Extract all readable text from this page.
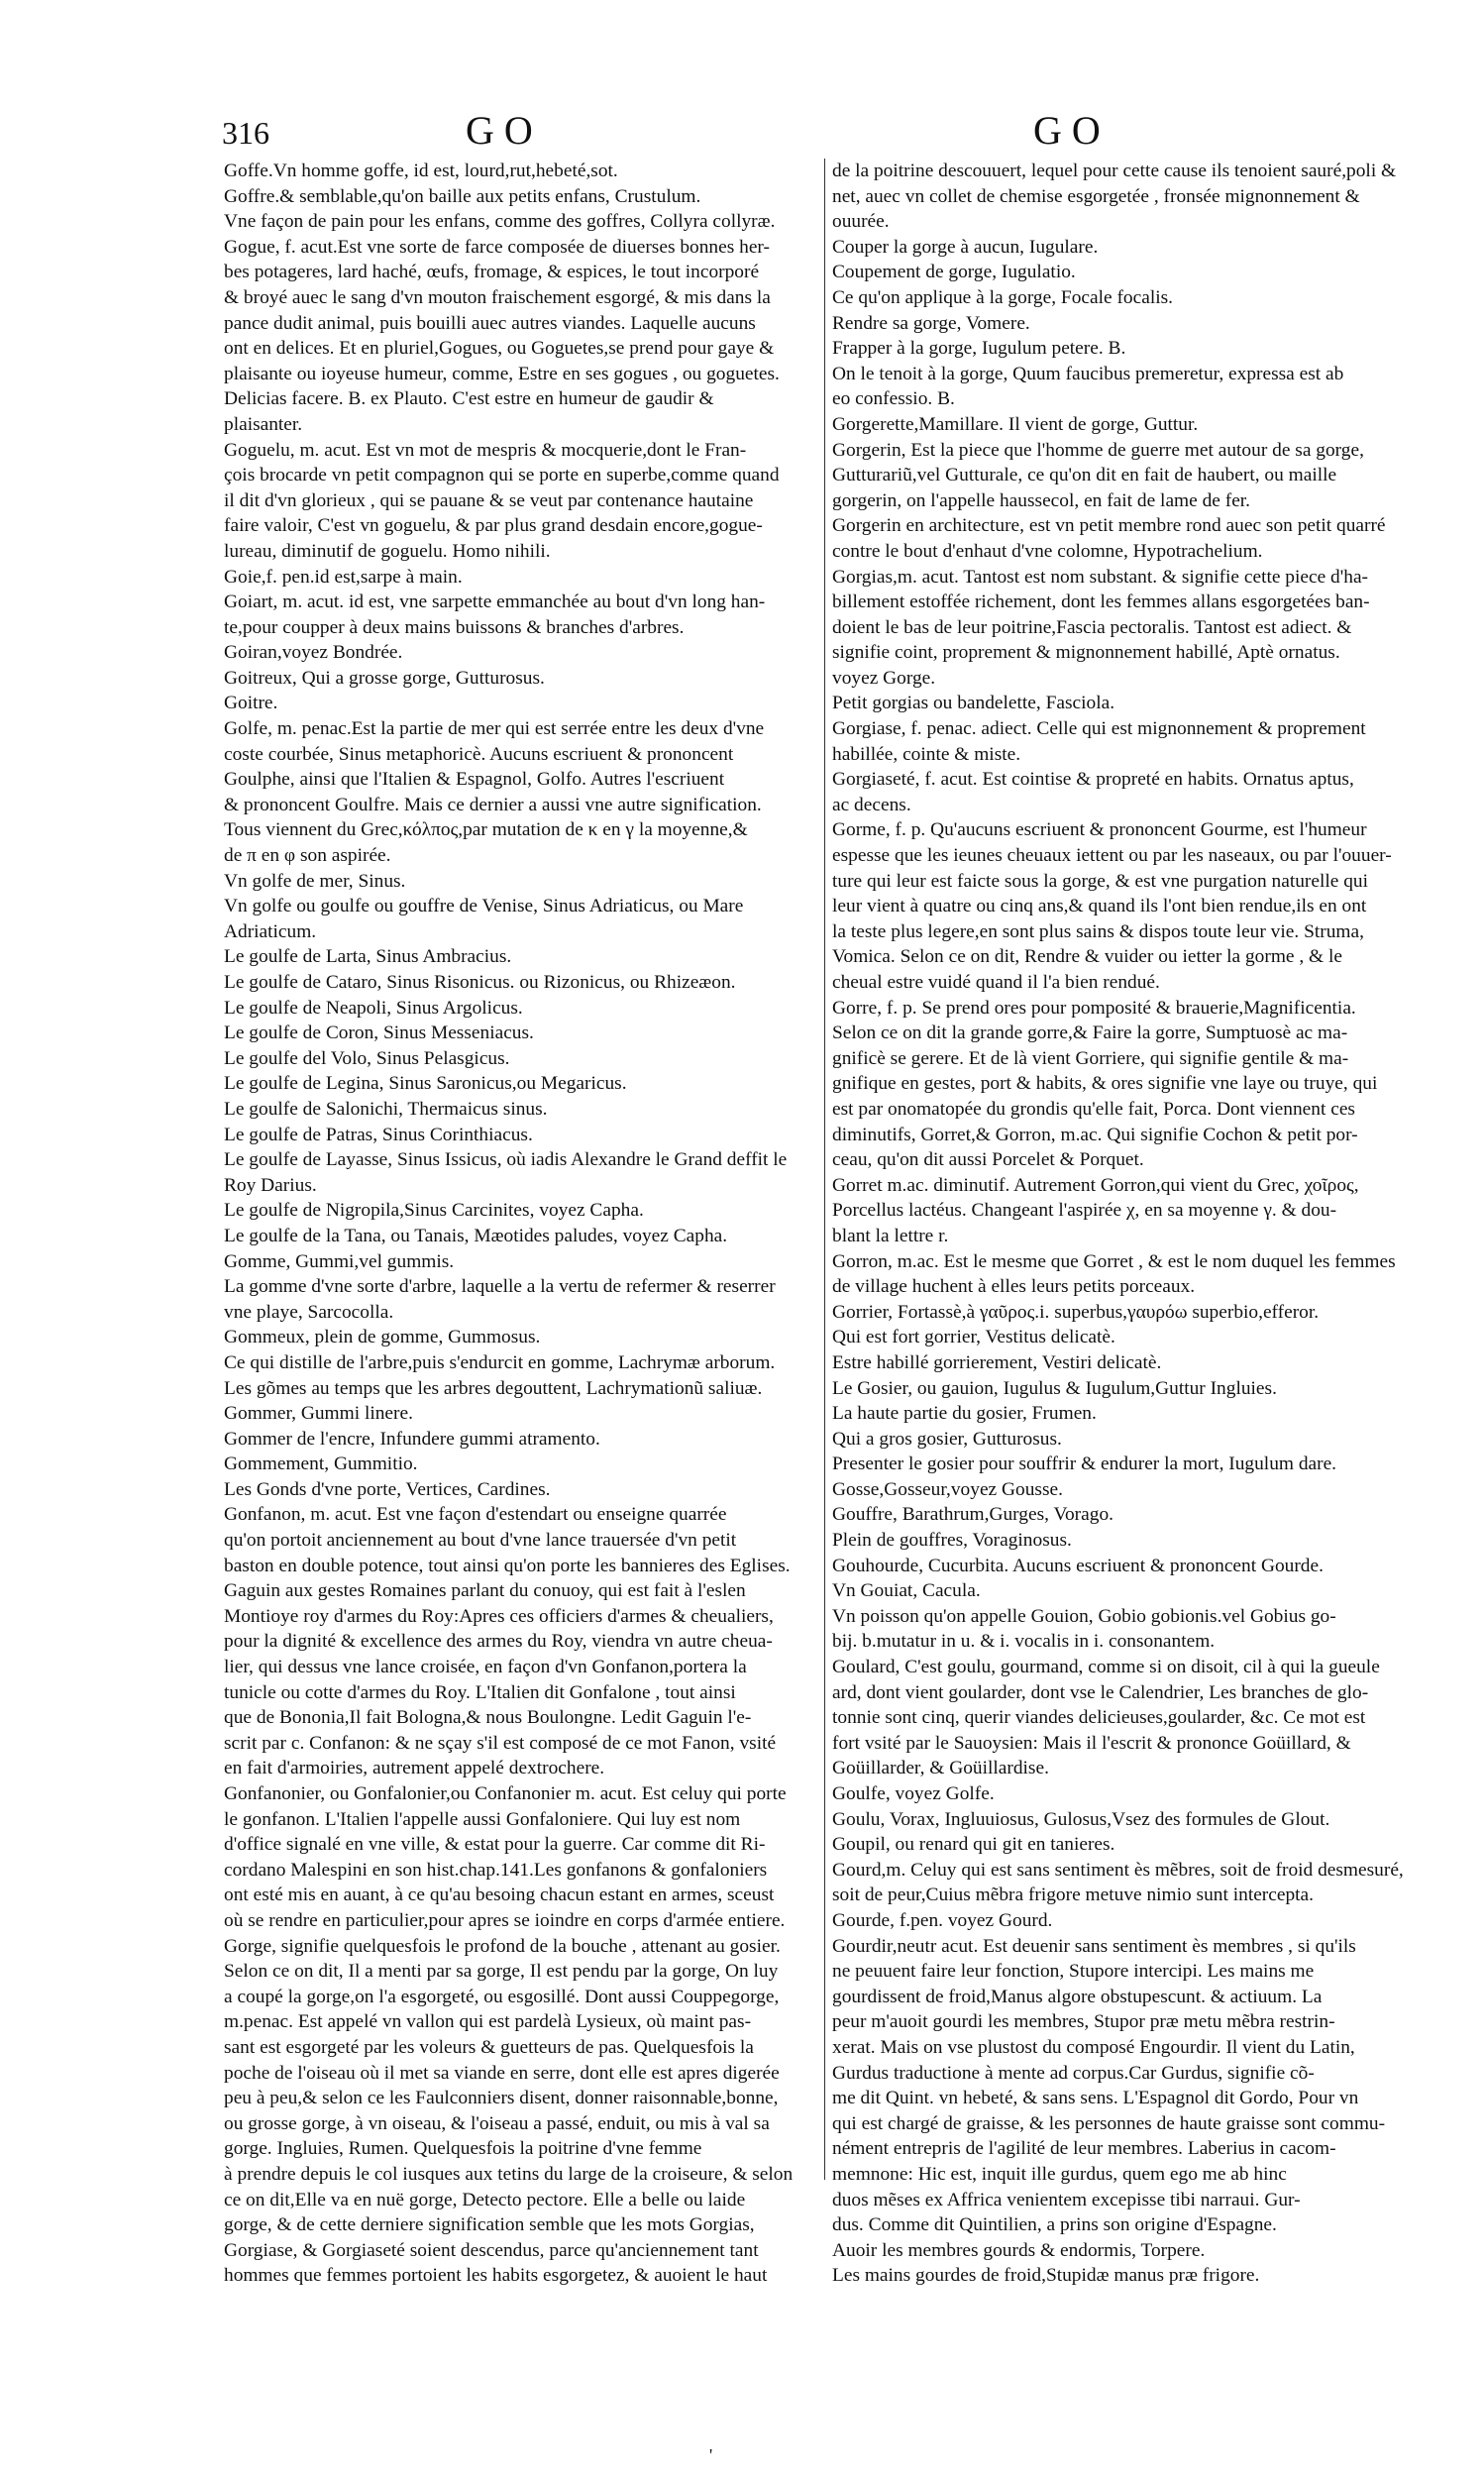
316	GO	GO
Goffe.Vn homme goffe, id est, lourd,rut,hebeté,sot.
Goffre.& semblable,qu'on baille aux petits enfans, Crustulum.
Vne façon de pain pour les enfans, comme des goffres, Collyra collyræ.
Gogue, f. acut.Est vne sorte de farce composée de diuerses bonnes her-
bes potageres, lard haché, œufs, fromage, & espices, le tout incorporé
& broyé auec le sang d'vn mouton fraischement esgorgé, & mis dans la
pance dudit animal, puis bouilli auec autres viandes. Laquelle aucuns
ont en delices. Et en pluriel,Gogues, ou Goguetes,se prend pour gaye &
plaisante ou ioyeuse humeur, comme, Estre en ses gogues , ou goguetes.
Delicias facere. B. ex Plauto. C'est estre en humeur de gaudir &
plaisanter.
Goguelu, m. acut. Est vn mot de mespris & mocquerie,dont le Fran-
çois brocarde vn petit compagnon qui se porte en superbe,comme quand
il dit d'vn glorieux , qui se pauane & se veut par contenance hautaine
faire valoir, C'est vn goguelu, & par plus grand desdain encore,gogue-
lureau, diminutif de goguelu. Homo nihili.
Goie,f. pen.id est,sarpe à main.
Goiart, m. acut. id est, vne sarpette emmanchée au bout d'vn long han-
te,pour coupper à deux mains buissons & branches d'arbres.
Goiran,voyez Bondrée.
Goitreux, Qui a grosse gorge, Gutturosus.
Goitre.
Golfe, m. penac.Est la partie de mer qui est serrée entre les deux d'vne
coste courbée, Sinus metaphoricè. Aucuns escriuent & prononcent
Goulphe, ainsi que l'Italien & Espagnol, Golfo. Autres l'escriuent
& prononcent Goulfre. Mais ce dernier a aussi vne autre signification.
Tous viennent du Grec,κόλπος,par mutation de κ en γ la moyenne,&
de π en φ son aspirée.
Vn golfe de mer, Sinus.
Vn golfe ou goulfe ou gouffre de Venise, Sinus Adriaticus, ou Mare
Adriaticum.
Le goulfe de Larta, Sinus Ambracius.
Le goulfe de Cataro, Sinus Risonicus. ou Rizonicus, ou Rhizeæon.
Le goulfe de Neapoli, Sinus Argolicus.
Le goulfe de Coron, Sinus Messeniacus.
Le goulfe del Volo, Sinus Pelasgicus.
Le goulfe de Legina, Sinus Saronicus,ou Megaricus.
Le goulfe de Salonichi, Thermaicus sinus.
Le goulfe de Patras, Sinus Corinthiacus.
Le goulfe de Layasse, Sinus Issicus, où iadis Alexandre le Grand deffit le
Roy Darius.
Le goulfe de Nigropila,Sinus Carcinites, voyez Capha.
Le goulfe de la Tana, ou Tanais, Mæotides paludes, voyez Capha.
Gomme, Gummi,vel gummis.
La gomme d'vne sorte d'arbre, laquelle a la vertu de refermer & reserrer
vne playe, Sarcocolla.
Gommeux, plein de gomme, Gummosus.
Ce qui distille de l'arbre,puis s'endurcit en gomme, Lachrymæ arborum.
Les gõmes au temps que les arbres degouttent, Lachrymationũ saliuæ.
Gommer, Gummi linere.
Gommer de l'encre, Infundere gummi atramento.
Gommement, Gummitio.
Les Gonds d'vne porte, Vertices, Cardines.
Gonfanon, m. acut. Est vne façon d'estendart ou enseigne quarrée
qu'on portoit anciennement au bout d'vne lance trauersée d'vn petit
baston en double potence, tout ainsi qu'on porte les bannieres des Eglises.
Gaguin aux gestes Romaines parlant du conuoy, qui est fait à l'eslen
Montioye roy d'armes du Roy:Apres ces officiers d'armes & cheualiers,
pour la dignité & excellence des armes du Roy, viendra vn autre cheua-
lier, qui dessus vne lance croisée, en façon d'vn Gonfanon,portera la
tunicle ou cotte d'armes du Roy. L'Italien dit Gonfalone , tout ainsi
que de Bononia,Il fait Bologna,& nous Boulongne. Ledit Gaguin l'e-
scrit par c. Confanon: & ne sçay s'il est composé de ce mot Fanon, vsité
en fait d'armoiries, autrement appelé dextrochere.
Gonfanonier, ou Gonfalonier,ou Confanonier m. acut. Est celuy qui porte
le gonfanon. L'Italien l'appelle aussi Gonfaloniere. Qui luy est nom
d'office signalé en vne ville, & estat pour la guerre. Car comme dit Ri-
cordano Malespini en son hist.chap.141.Les gonfanons & gonfaloniers
ont esté mis en auant, à ce qu'au besoing chacun estant en armes, sceust
où se rendre en particulier,pour apres se ioindre en corps d'armée entiere.
Gorge, signifie quelquesfois le profond de la bouche , attenant au gosier.
Selon ce on dit, Il a menti par sa gorge, Il est pendu par la gorge, On luy
a coupé la gorge,on l'a esgorgeté, ou esgosillé. Dont aussi Couppegorge,
m.penac. Est appelé vn vallon qui est pardelà Lysieux, où maint pas-
sant est esgorgeté par les voleurs & guetteurs de pas. Quelquesfois la
poche de l'oiseau où il met sa viande en serre, dont elle est apres digerée
peu à peu,& selon ce les Faulconniers disent, donner raisonnable,bonne,
ou grosse gorge, à vn oiseau, & l'oiseau a passé, enduit, ou mis à val sa
gorge. Ingluies, Rumen. Quelquesfois la poitrine d'vne femme
à prendre depuis le col iusques aux tetins du large de la croiseure, & selon
ce on dit,Elle va en nuë gorge, Detecto pectore. Elle a belle ou laide
gorge, & de cette derniere signification semble que les mots Gorgias,
Gorgiase, & Gorgiaseté soient descendus, parce qu'anciennement tant
hommes que femmes portoient les habits esgorgetez, & auoient le haut
de la poitrine descouuert, lequel pour cette cause ils tenoient sauré,poli &
net, auec vn collet de chemise esgorgetée , fronsée mignonnement &
ouurée.
Couper la gorge à aucun, Iugulare.
Coupement de gorge, Iugulatio.
Ce qu'on applique à la gorge, Focale focalis.
Rendre sa gorge, Vomere.
Frapper à la gorge, Iugulum petere. B.
On le tenoit à la gorge, Quum faucibus premeretur, expressa est ab
eo confessio. B.
Gorgerette,Mamillare. Il vient de gorge, Guttur.
Gorgerin, Est la piece que l'homme de guerre met autour de sa gorge,
Gutturariũ,vel Gutturale, ce qu'on dit en fait de haubert, ou maille
gorgerin, on l'appelle haussecol, en fait de lame de fer.
Gorgerin en architecture, est vn petit membre rond auec son petit quarré
contre le bout d'enhaut d'vne colomne, Hypotrachelium.
Gorgias,m. acut. Tantost est nom substant. & signifie cette piece d'ha-
billement estoffée richement, dont les femmes allans esgorgetées ban-
doient le bas de leur poitrine,Fascia pectoralis. Tantost est adiect. &
signifie coint, proprement & mignonnement habillé, Aptè ornatus.
voyez Gorge.
Petit gorgias ou bandelette, Fasciola.
Gorgiase, f. penac. adiect. Celle qui est mignonnement & proprement
habillée, cointe & miste.
Gorgiaseté, f. acut. Est cointise & propreté en habits. Ornatus aptus,
ac decens.
Gorme, f. p. Qu'aucuns escriuent & prononcent Gourme, est l'humeur
espesse que les ieunes cheuaux iettent ou par les naseaux, ou par l'ouuer-
ture qui leur est faicte sous la gorge, & est vne purgation naturelle qui
leur vient à quatre ou cinq ans,& quand ils l'ont bien rendue,ils en ont
la teste plus legere,en sont plus sains & dispos toute leur vie. Struma,
Vomica. Selon ce on dit, Rendre & vuider ou ietter la gorme , & le
cheual estre vuidé quand il l'a bien rendué.
Gorre, f. p. Se prend ores pour pomposité & brauerie,Magnificentia.
Selon ce on dit la grande gorre,& Faire la gorre, Sumptuosè ac ma-
gnificè se gerere. Et de là vient Gorriere, qui signifie gentile & ma-
gnifique en gestes, port & habits, & ores signifie vne laye ou truye, qui
est par onomatopée du grondis qu'elle fait, Porca. Dont viennent ces
diminutifs, Gorret,& Gorron, m.ac. Qui signifie Cochon & petit por-
ceau, qu'on dit aussi Porcelet & Porquet.
Gorret m.ac. diminutif. Autrement Gorron,qui vient du Grec, χοῖρος,
Porcellus lactéus. Changeant l'aspirée χ, en sa moyenne γ. & dou-
blant la lettre r.
Gorron, m.ac. Est le mesme que Gorret , & est le nom duquel les femmes
de village huchent à elles leurs petits porceaux.
Gorrier, Fortassè,à γαῦρος.i. superbus,γαυρόω superbio,efferor.
Qui est fort gorrier, Vestitus delicatè.
Estre habillé gorrierement, Vestiri delicatè.
Le Gosier, ou gauion, Iugulus & Iugulum,Guttur Ingluies.
La haute partie du gosier, Frumen.
Qui a gros gosier, Gutturosus.
Presenter le gosier pour souffrir & endurer la mort, Iugulum dare.
Gosse,Gosseur,voyez Gousse.
Gouffre, Barathrum,Gurges, Vorago.
Plein de gouffres, Voraginosus.
Gouhourde, Cucurbita. Aucuns escriuent & prononcent Gourde.
Vn Gouiat, Cacula.
Vn poisson qu'on appelle Gouion, Gobio gobionis.vel Gobius go-
bij. b.mutatur in u. & i. vocalis in i. consonantem.
Goulard, C'est goulu, gourmand, comme si on disoit, cil à qui la gueule
ard, dont vient goularder, dont vse le Calendrier, Les branches de glo-
tonnie sont cinq, querir viandes delicieuses,goularder, &c. Ce mot est
fort vsité par le Sauoysien: Mais il l'escrit & prononce Goüillard, &
Goüillarder, & Goüillardise.
Goulfe, voyez Golfe.
Goulu, Vorax, Ingluuiosus, Gulosus,Vsez des formules de Glout.
Goupil, ou renard qui git en tanieres.
Gourd,m. Celuy qui est sans sentiment ès mẽbres, soit de froid desmesuré,
soit de peur,Cuius mẽbra frigore metuve nimio sunt intercepta.
Gourde, f.pen. voyez Gourd.
Gourdir,neutr acut. Est deuenir sans sentiment ès membres , si qu'ils
ne peuuent faire leur fonction, Stupore intercipi. Les mains me
gourdissent de froid,Manus algore obstupescunt. & actiuum. La
peur m'auoit gourdi les membres, Stupor præ metu mẽbra restrin-
xerat. Mais on vse plustost du composé Engourdir. Il vient du Latin,
Gurdus traductione à mente ad corpus.Car Gurdus, signifie cõ-
me dit Quint. vn hebeté, & sans sens. L'Espagnol dit Gordo, Pour vn
qui est chargé de graisse, & les personnes de haute graisse sont commu-
nément entrepris de l'agilité de leur membres. Laberius in cacom-
memnone: Hic est, inquit ille gurdus, quem ego me ab hinc
duos mẽses ex Affrica venientem excepisse tibi narraui. Gur-
dus. Comme dit Quintilien, a prins son origine d'Espagne.
Auoir les membres gourds & endormis, Torpere.
Les mains gourdes de froid,Stupidæ manus præ frigore.
'
